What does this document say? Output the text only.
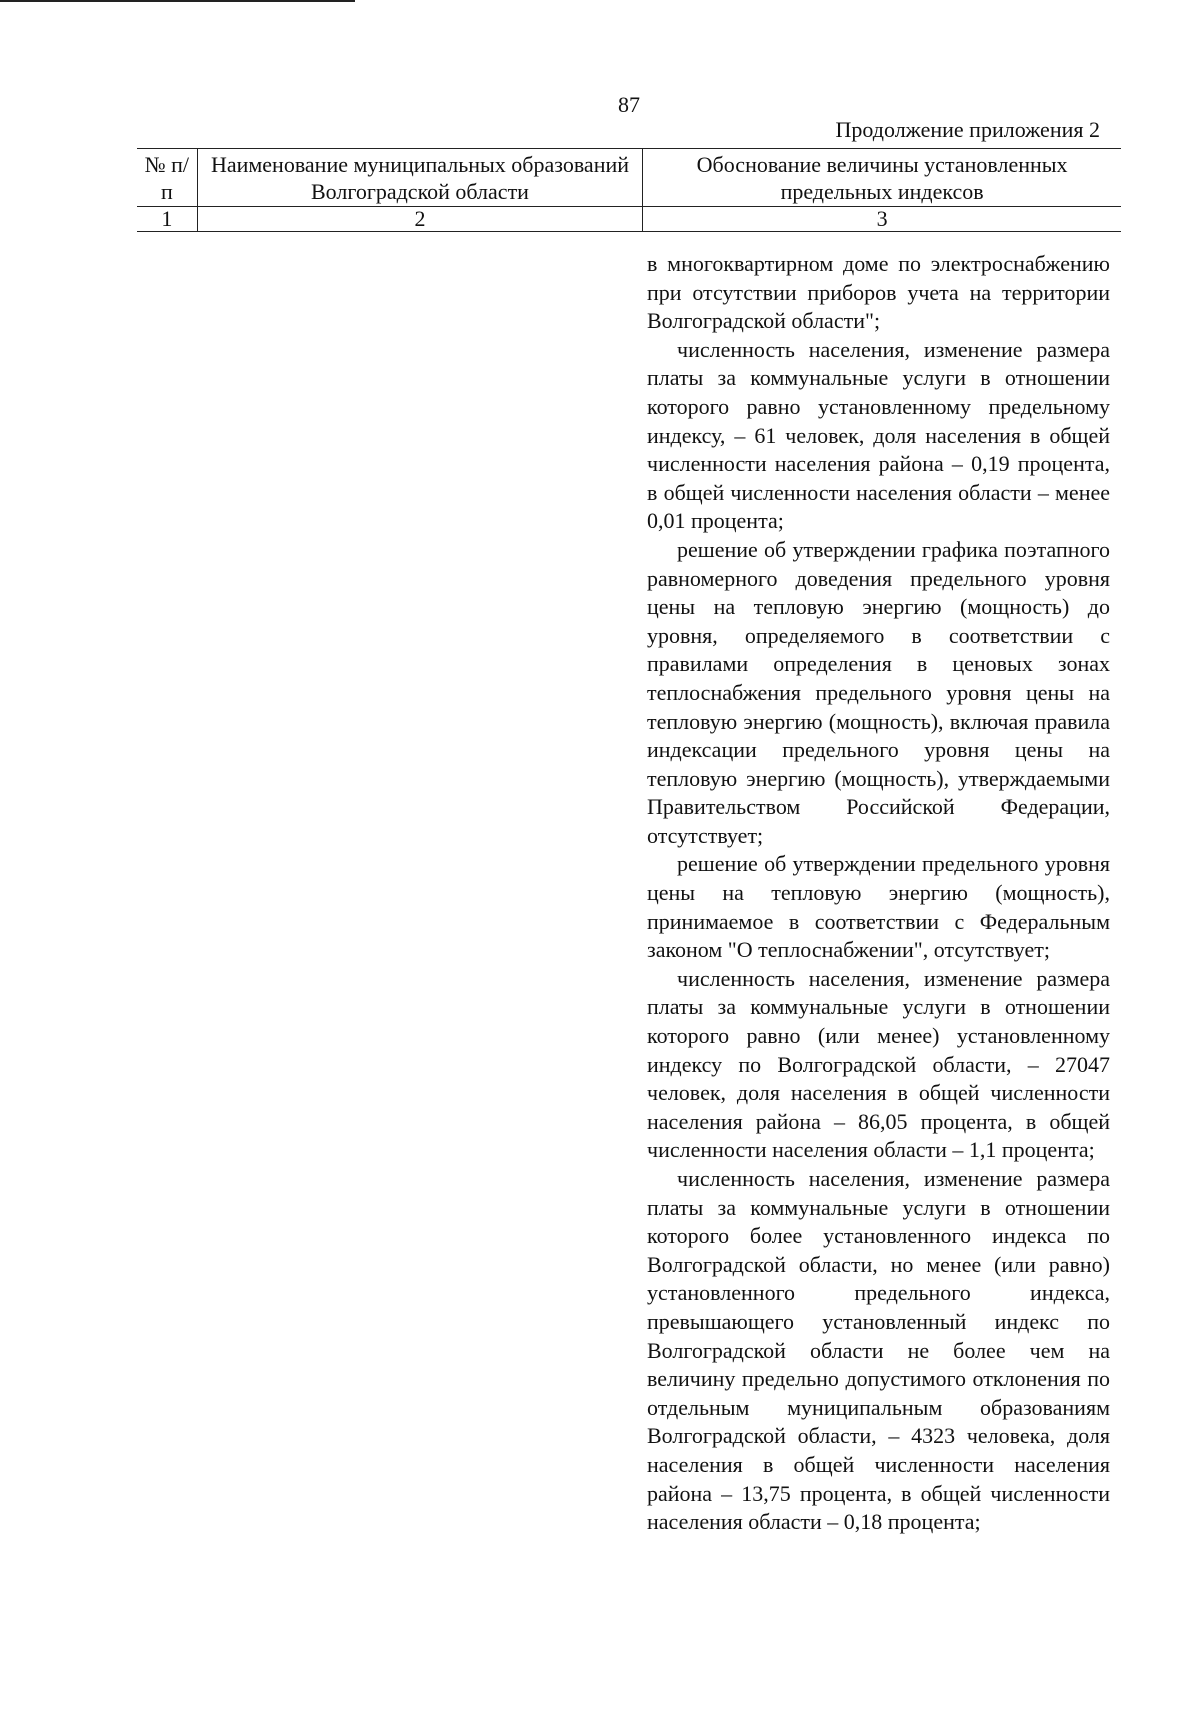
87
Продолжение приложения 2
№ п/п	Наименование муниципальных образований Волгоградской области	Обоснование величины установленных предельных индексов
1	2	3

в многоквартирном доме по электроснабжению при отсутствии приборов учета на территории Волгоградской области";

численность населения, изменение размера платы за коммунальные услуги в отношении которого равно установленному предельному индексу, – 61 человек, доля населения в общей численности населения района – 0,19 процента, в общей численности населения области – менее 0,01 процента;

решение об утверждении графика поэтапного равномерного доведения предельного уровня цены на тепловую энергию (мощность) до уровня, определяемого в соответствии с правилами определения в ценовых зонах теплоснабжения предельного уровня цены на тепловую энергию (мощность), включая правила индексации предельного уровня цены на тепловую энергию (мощность), утверждаемыми Правительством Российской Федерации, отсутствует;

решение об утверждении предельного уровня цены на тепловую энергию (мощность), принимаемое в соответствии с Федеральным законом "О теплоснабжении", отсутствует;

численность населения, изменение размера платы за коммунальные услуги в отношении которого равно (или менее) установленному индексу по Волгоградской области, – 27047 человек, доля населения в общей численности населения района – 86,05 процента, в общей численности населения области – 1,1 процента;

численность населения, изменение размера платы за коммунальные услуги в отношении которого более установленного индекса по Волгоградской области, но менее (или равно) установленного предельного индекса, превышающего установленный индекс по Волгоградской области не более чем на величину предельно допустимого отклонения по отдельным муниципальным образованиям Волгоградской области, – 4323 человека, доля населения в общей численности населения района – 13,75 процента, в общей численности населения области – 0,18 процента;
